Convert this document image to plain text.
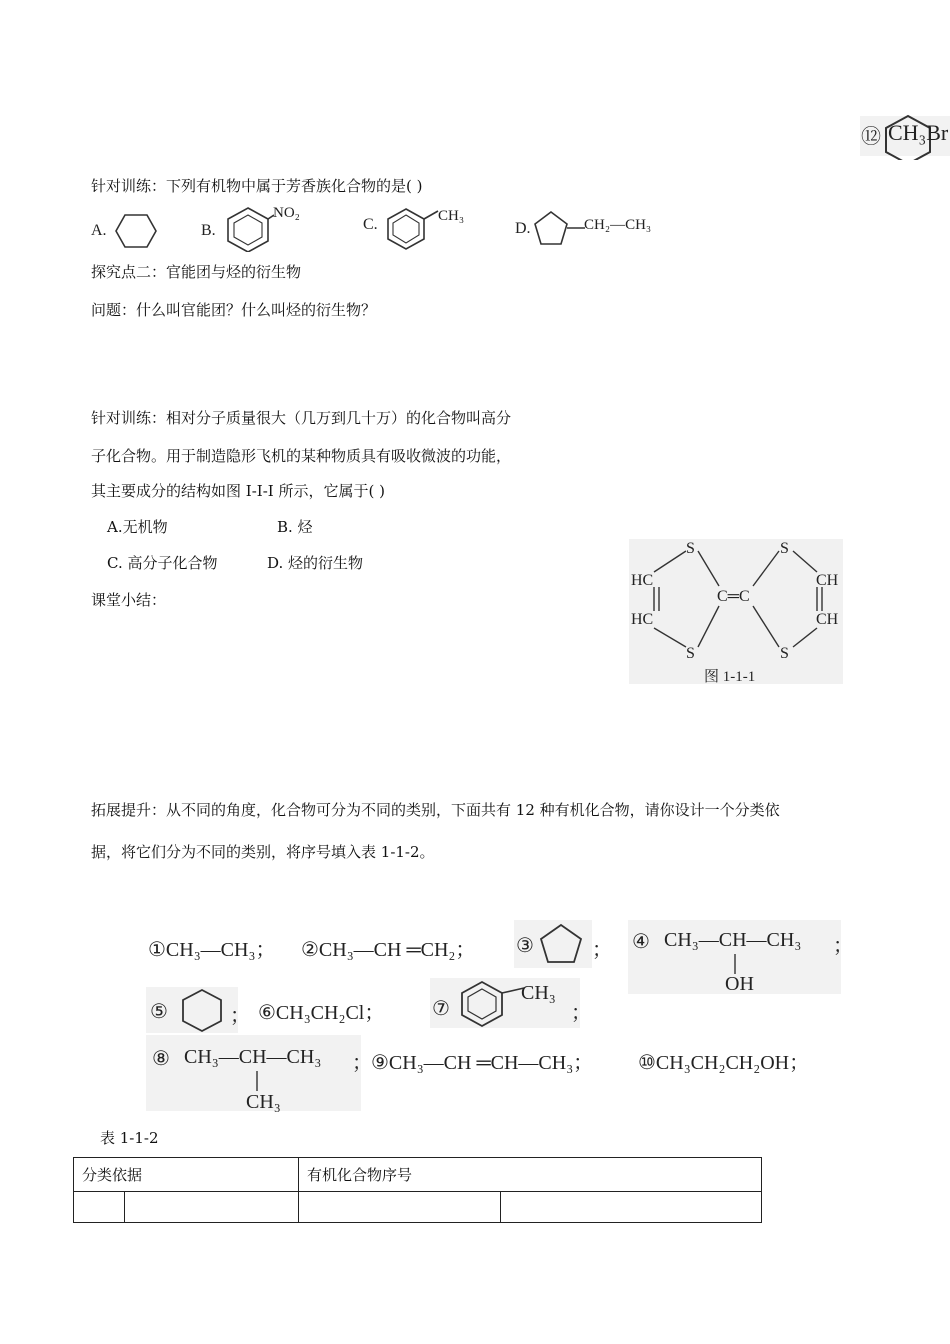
⑫ CH₃Br
针对训练：下列有机物中属于芳香族化合物的是( )
A.	B.
NO₂
C.	CH₃
D.	CH₂—CH₃
探究点二：官能团与烃的衍生物
问题：什么叫官能团？什么叫烃的衍生物？
针对训练：相对分子质量很大（几万到几十万）的化合物叫高分
子化合物。用于制造隐形飞机的某种物质具有吸收微波的功能，
其主要成分的结构如图 I-I-I 所示，它属于( )
A.无机物	B. 烃
C. 高分子化合物	D. 烃的衍生物
课堂小结：
S	S
S	S
HC
HC
CH
CH
C═C
图 1-1-1
拓展提升：从不同的角度，化合物可分为不同的类别，下面共有 12 种有机化合物，请你设计一个分类依
据，将它们分为不同的类别，将序号填入表 1-1-2。
①CH₃—CH₃； ②CH₃—CH ═CH₂； ③	； ④ CH₃—CH—CH₃
OH
；
⑤	； ⑥CH₃CH₂Cl； ⑦
CH₃
；
⑧ CH₃—CH—CH₃
CH₃
； ⑨CH₃—CH ═CH—CH₃； ⑩CH₃CH₂CH₂OH；
表 1-1-2
分类依据		有机化合物序号	
